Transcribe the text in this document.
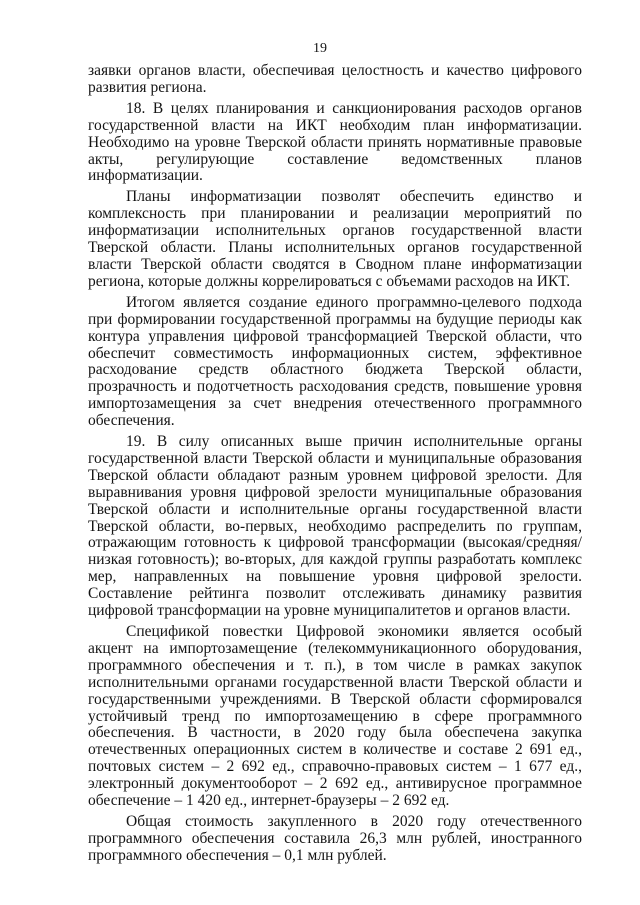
19

заявки органов власти, обеспечивая целостность и качество цифрового развития региона.

18. В целях планирования и санкционирования расходов органов государственной власти на ИКТ необходим план информатизации. Необходимо на уровне Тверской области принять нормативные правовые акты, регулирующие составление ведомственных планов информатизации.

Планы информатизации позволят обеспечить единство и комплексность при планировании и реализации мероприятий по информатизации исполнительных органов государственной власти Тверской области. Планы исполнительных органов государственной власти Тверской области сводятся в Сводном плане информатизации региона, которые должны коррелироваться с объемами расходов на ИКТ.

Итогом является создание единого программно-целевого подхода при формировании государственной программы на будущие периоды как контура управления цифровой трансформацией Тверской области, что обеспечит совместимость информационных систем, эффективное расходование средств областного бюджета Тверской области, прозрачность и подотчетность расходования средств, повышение уровня импортозамещения за счет внедрения отечественного программного обеспечения.

19. В силу описанных выше причин исполнительные органы государственной власти Тверской области и муниципальные образования Тверской области обладают разным уровнем цифровой зрелости. Для выравнивания уровня цифровой зрелости муниципальные образования Тверской области и исполнительные органы государственной власти Тверской области, во-первых, необходимо распределить по группам, отражающим готовность к цифровой трансформации (высокая/средняя/низкая готовность); во-вторых, для каждой группы разработать комплекс мер, направленных на повышение уровня цифровой зрелости. Составление рейтинга позволит отслеживать динамику развития цифровой трансформации на уровне муниципалитетов и органов власти.

Спецификой повестки Цифровой экономики является особый акцент на импортозамещение (телекоммуникационного оборудования, программного обеспечения и т. п.), в том числе в рамках закупок исполнительными органами государственной власти Тверской области и государственными учреждениями. В Тверской области сформировался устойчивый тренд по импортозамещению в сфере программного обеспечения. В частности, в 2020 году была обеспечена закупка отечественных операционных систем в количестве и составе 2 691 ед., почтовых систем – 2 692 ед., справочно-правовых систем – 1 677 ед., электронный документооборот – 2 692 ед., антивирусное программное обеспечение – 1 420 ед., интернет-браузеры – 2 692 ед.

Общая стоимость закупленного в 2020 году отечественного программного обеспечения составила 26,3 млн рублей, иностранного программного обеспечения – 0,1 млн рублей.
